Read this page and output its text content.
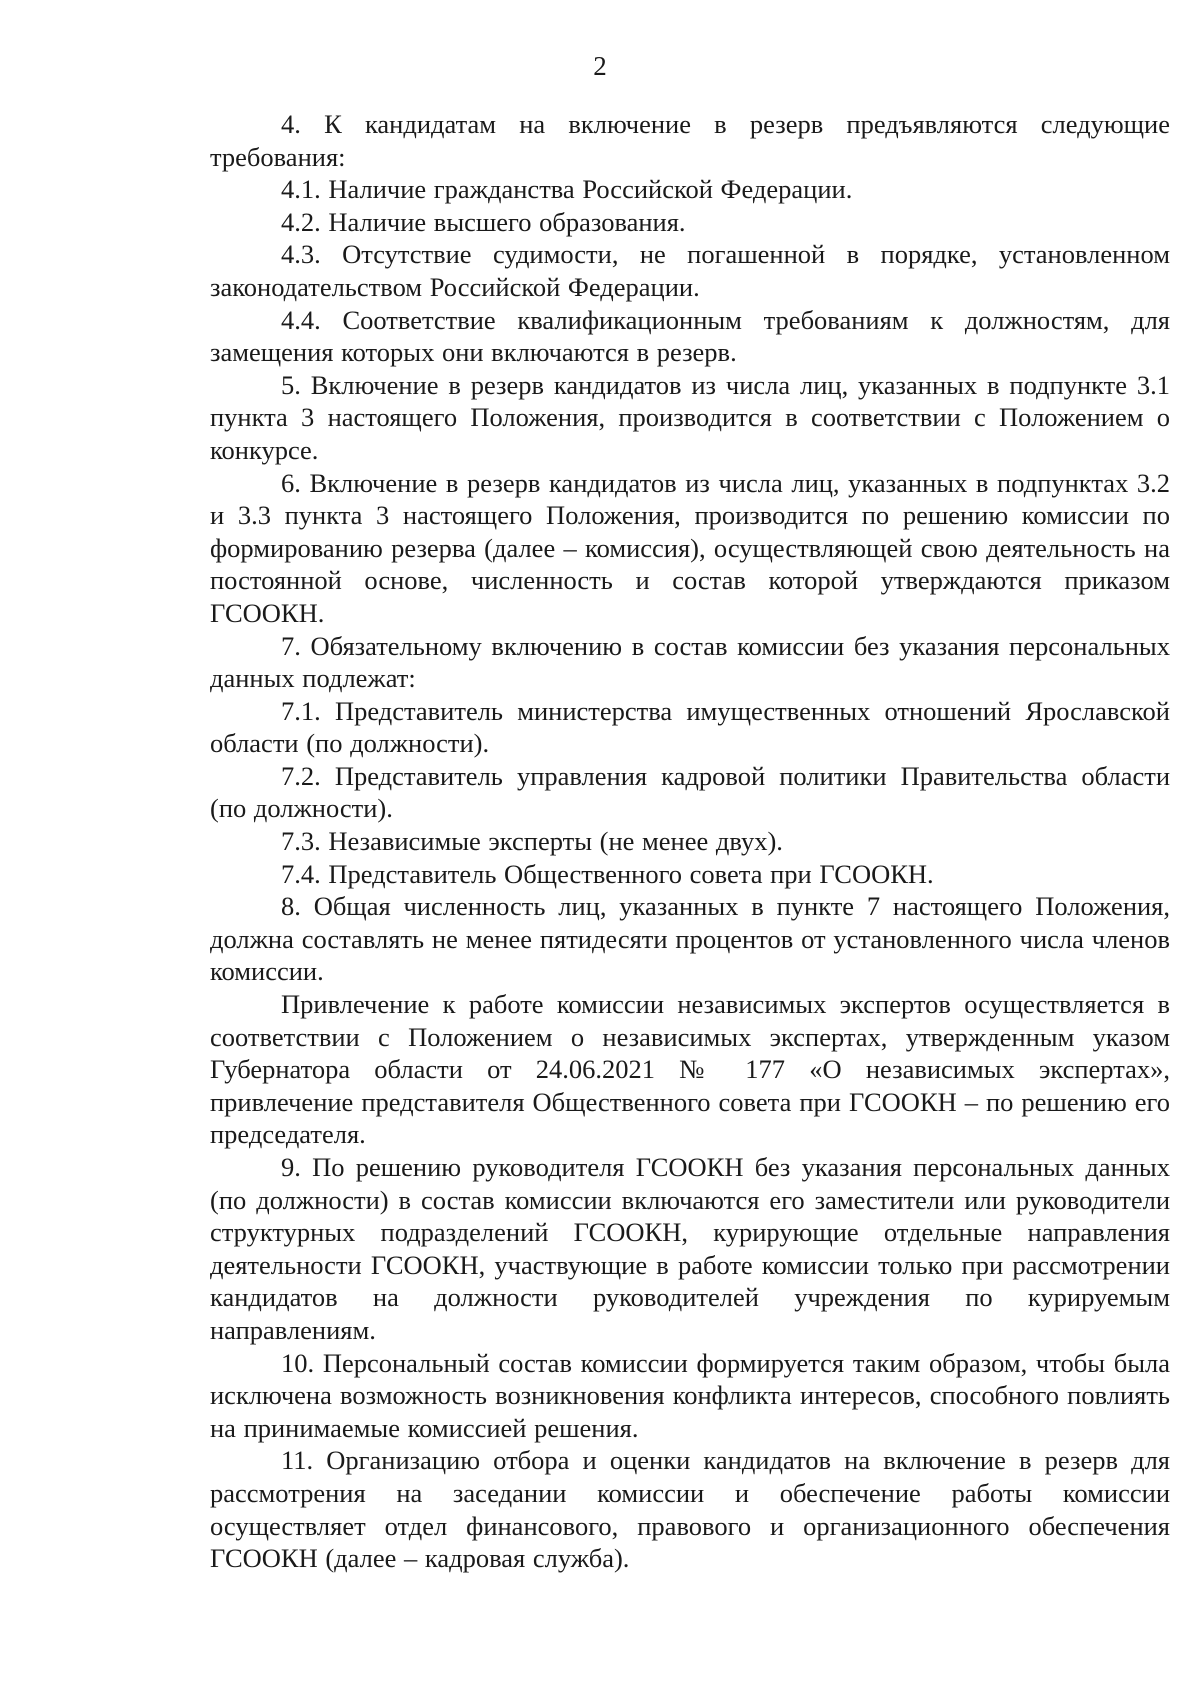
2

4. К кандидатам на включение в резерв предъявляются следующие требования:

4.1. Наличие гражданства Российской Федерации.

4.2. Наличие высшего образования.

4.3. Отсутствие судимости, не погашенной в порядке, установленном законодательством Российской Федерации.

4.4. Соответствие квалификационным требованиям к должностям, для замещения которых они включаются в резерв.

5. Включение в резерв кандидатов из числа лиц, указанных в подпункте 3.1 пункта 3 настоящего Положения, производится в соответствии с Положением о конкурсе.

6. Включение в резерв кандидатов из числа лиц, указанных в подпунктах 3.2 и 3.3 пункта 3 настоящего Положения, производится по решению комиссии по формированию резерва (далее – комиссия), осуществляющей свою деятельность на постоянной основе, численность и состав которой утверждаются приказом ГСООКН.

7. Обязательному включению в состав комиссии без указания персональных данных подлежат:

7.1. Представитель министерства имущественных отношений Ярославской области (по должности).

7.2. Представитель управления кадровой политики Правительства области (по должности).

7.3. Независимые эксперты (не менее двух).

7.4. Представитель Общественного совета при ГСООКН.

8. Общая численность лиц, указанных в пункте 7 настоящего Положения, должна составлять не менее пятидесяти процентов от установленного числа членов комиссии.

Привлечение к работе комиссии независимых экспертов осуществляется в соответствии с Положением о независимых экспертах, утвержденным указом Губернатора области от 24.06.2021 № 177 «О независимых экспертах», привлечение представителя Общественного совета при ГСООКН – по решению его председателя.

9. По решению руководителя ГСООКН без указания персональных данных (по должности) в состав комиссии включаются его заместители или руководители структурных подразделений ГСООКН, курирующие отдельные направления деятельности ГСООКН, участвующие в работе комиссии только при рассмотрении кандидатов на должности руководителей учреждения по курируемым направлениям.

10. Персональный состав комиссии формируется таким образом, чтобы была исключена возможность возникновения конфликта интересов, способного повлиять на принимаемые комиссией решения.

11. Организацию отбора и оценки кандидатов на включение в резерв для рассмотрения на заседании комиссии и обеспечение работы комиссии осуществляет отдел финансового, правового и организационного обеспечения ГСООКН (далее – кадровая служба).
